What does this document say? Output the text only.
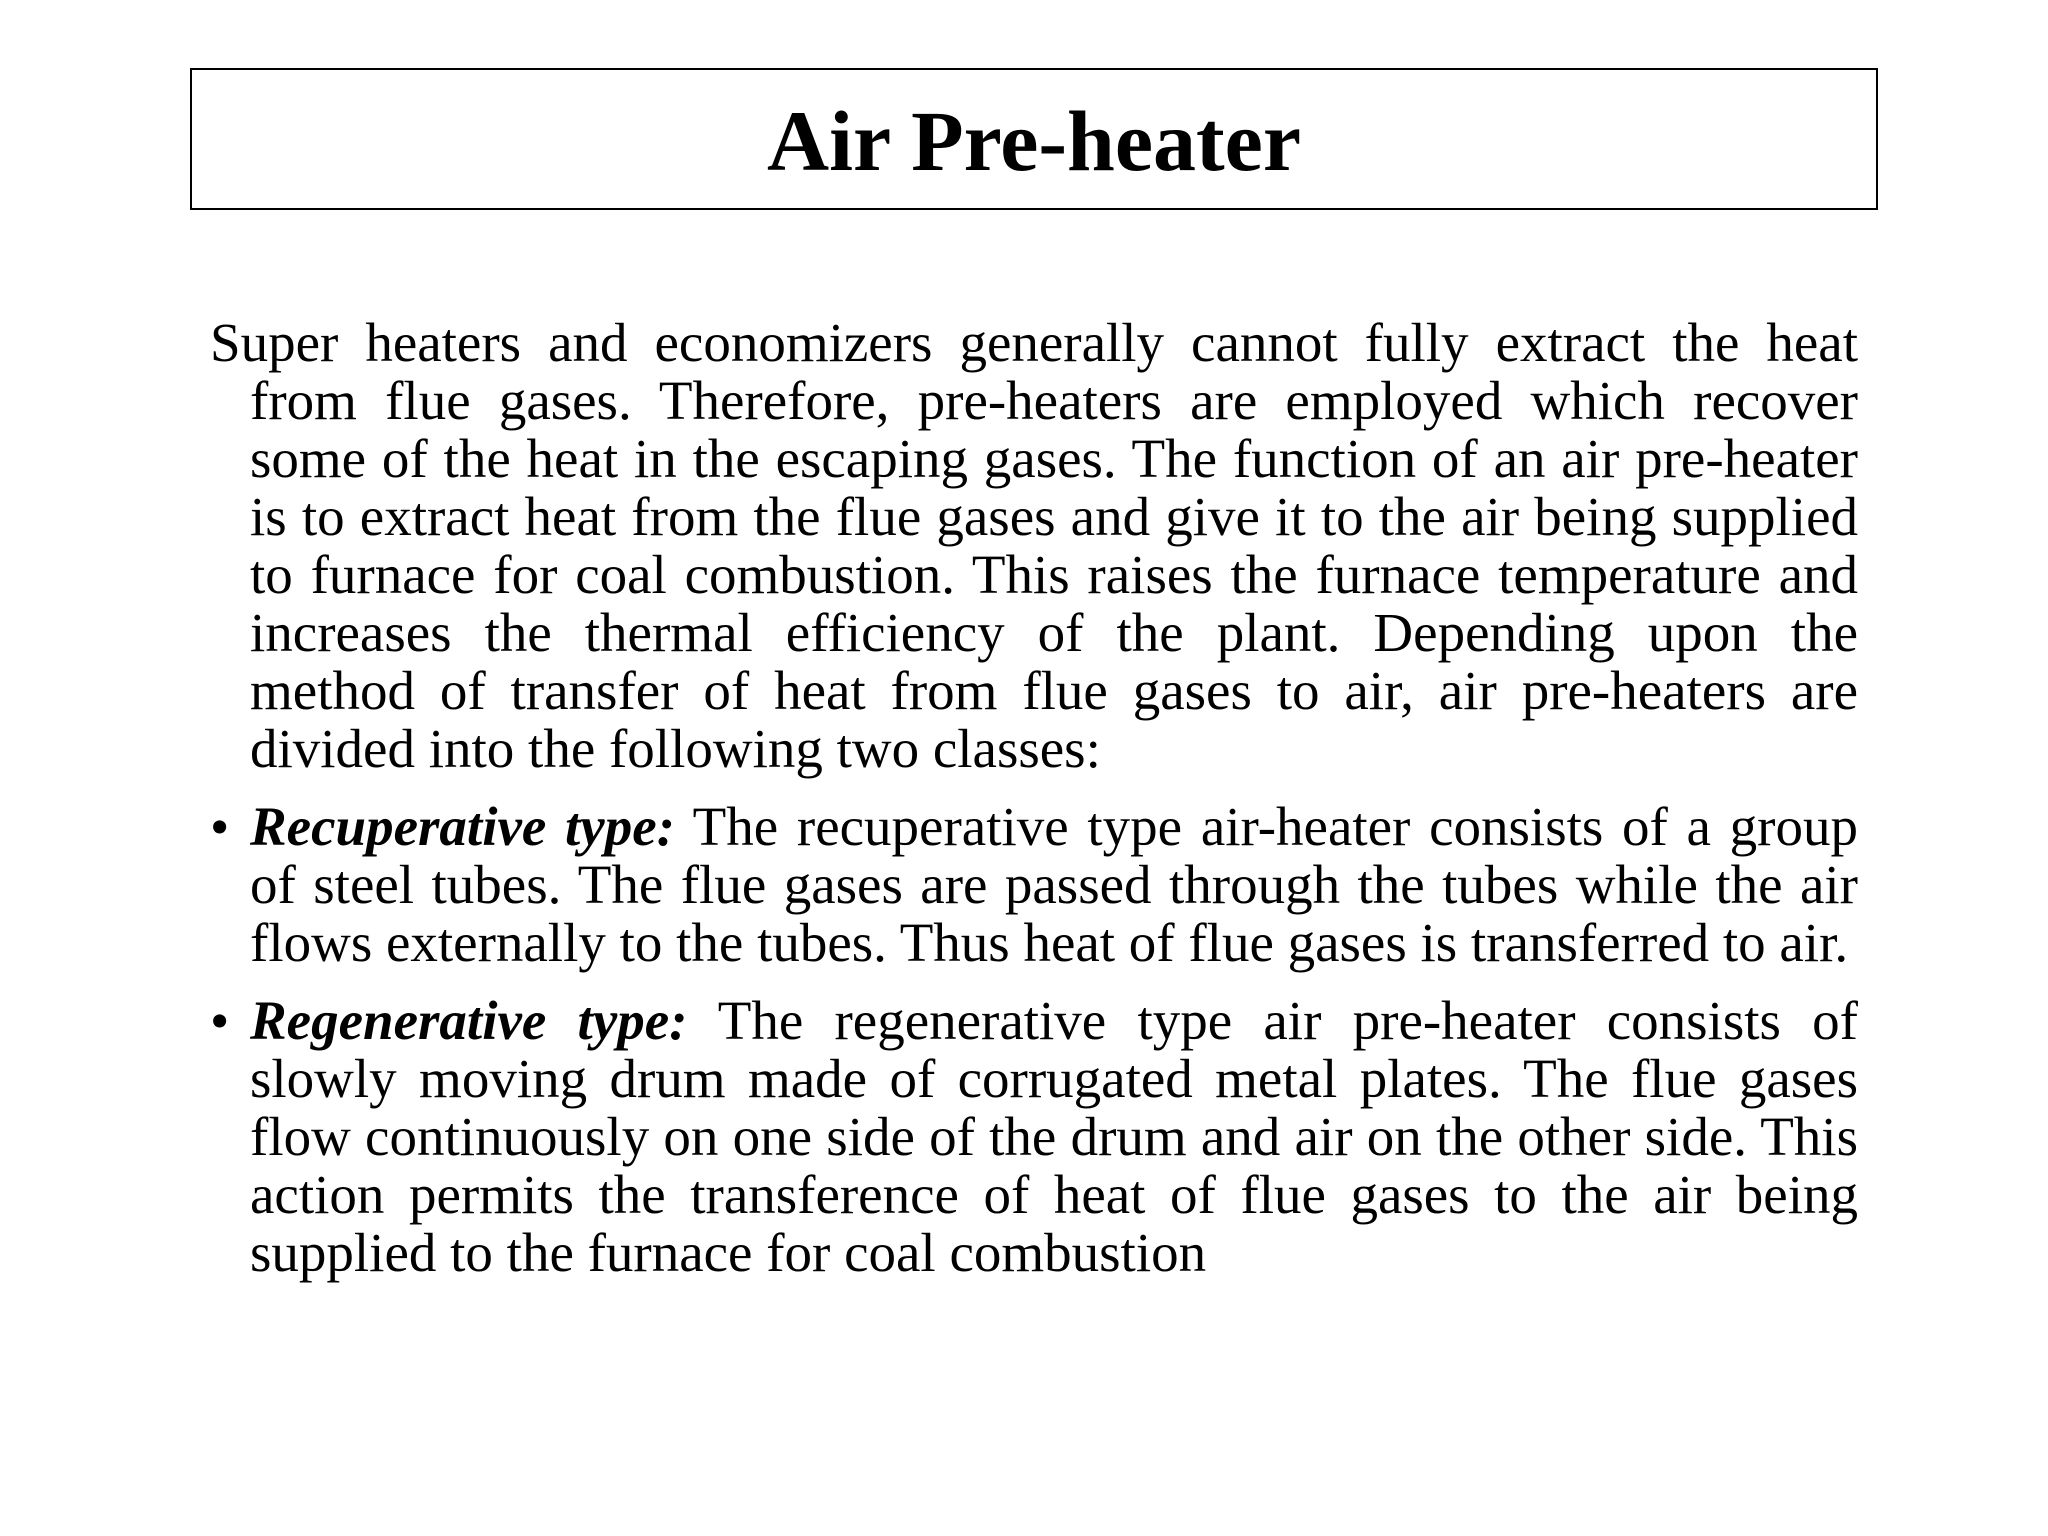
Air Pre-heater

Super heaters and economizers generally cannot fully extract the heat from flue gases. Therefore, pre-heaters are employed which recover some of the heat in the escaping gases. The function of an air pre-heater is to extract heat from the flue gases and give it to the air being supplied to furnace for coal combustion. This raises the furnace temperature and increases the thermal efficiency of the plant. Depending upon the method of transfer of heat from flue gases to air, air pre-heaters are divided into the following two classes:

• Recuperative type: The recuperative type air-heater consists of a group of steel tubes. The flue gases are passed through the tubes while the air flows externally to the tubes. Thus heat of flue gases is transferred to air.
• Regenerative type: The regenerative type air pre-heater consists of slowly moving drum made of corrugated metal plates. The flue gases flow continuously on one side of the drum and air on the other side. This action permits the transference of heat of flue gases to the air being supplied to the furnace for coal combustion
